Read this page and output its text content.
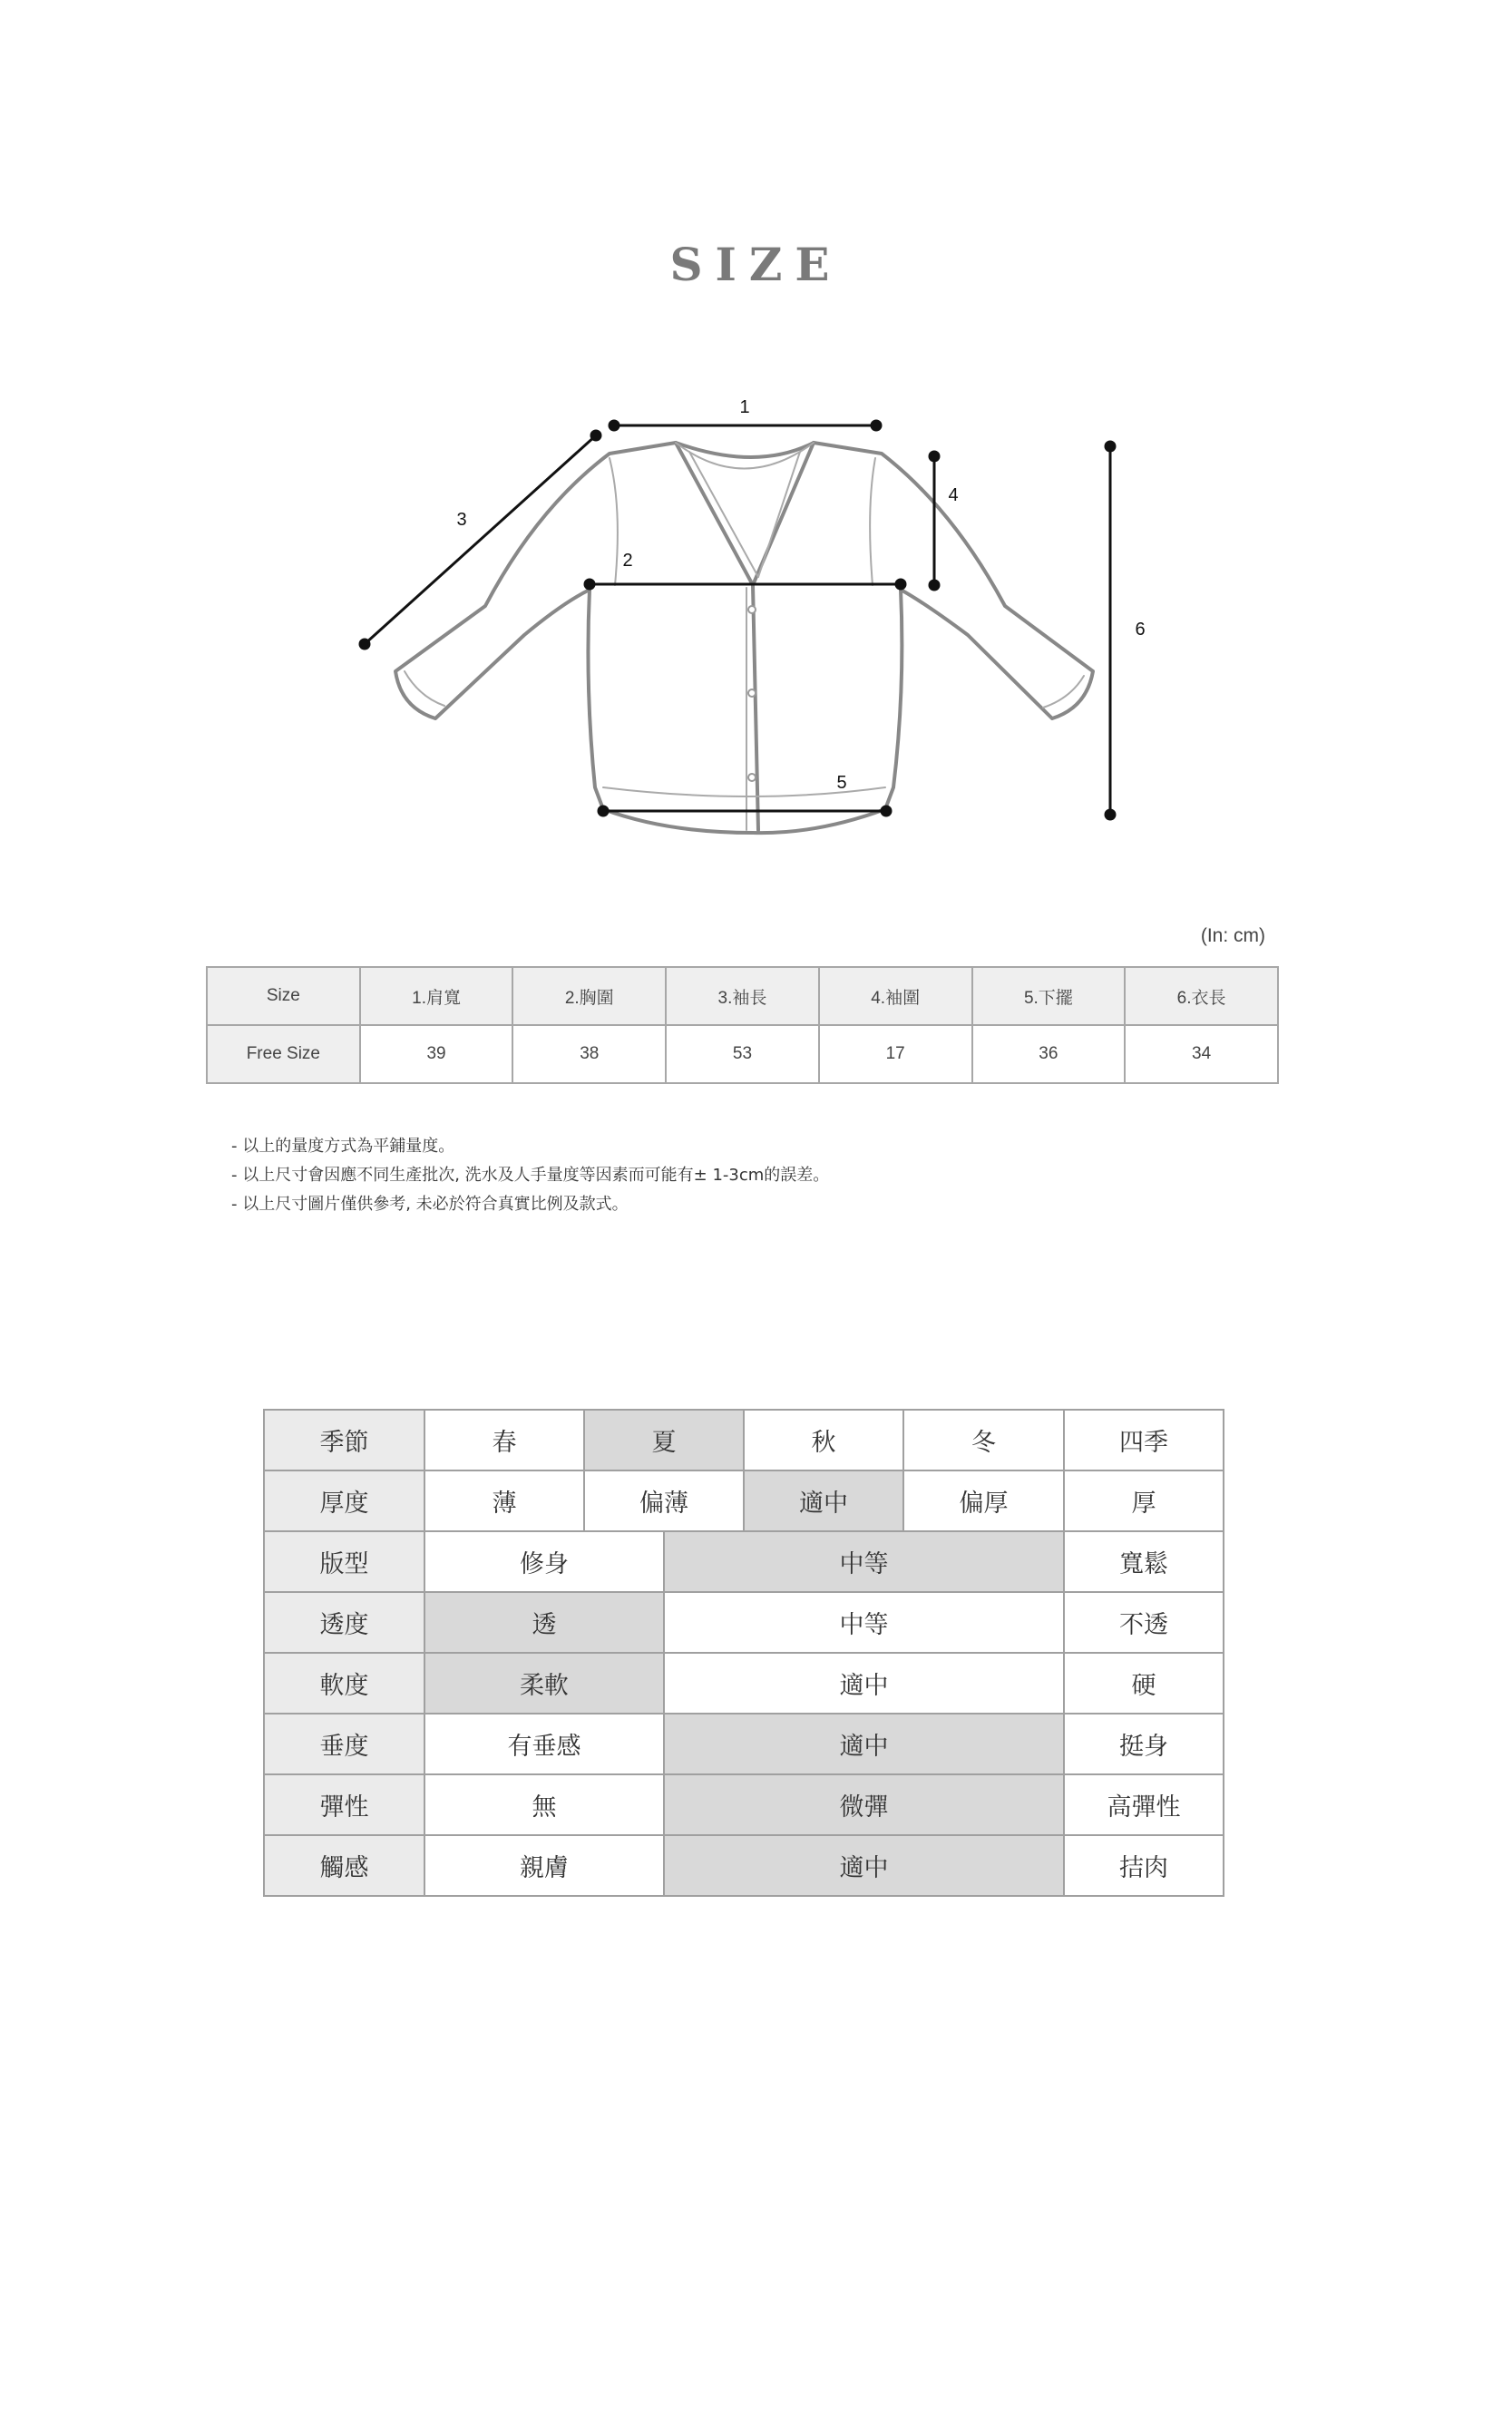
SIZE
1
2
3
4
5
6
(In: cm)
Size	1.肩寬	2.胸圍	3.袖長	4.袖圍	5.下擺	6.衣長
Free Size	39	38	53	17	36	34
- 以上的量度方式為平鋪量度。
- 以上尺寸會因應不同生產批次, 洗水及人手量度等因素而可能有± 1-3cm的誤差。
- 以上尺寸圖片僅供參考, 未必於符合真實比例及款式。
季節	春	夏		秋	冬	四季
厚度	薄	偏薄		適中	偏厚	厚
版型	修身		中等			寬鬆
透度	透		中等			不透
軟度	柔軟		適中			硬
垂度	有垂感		適中			挺身
彈性	無		微彈			高彈性
觸感	親膚		適中			拮肉
